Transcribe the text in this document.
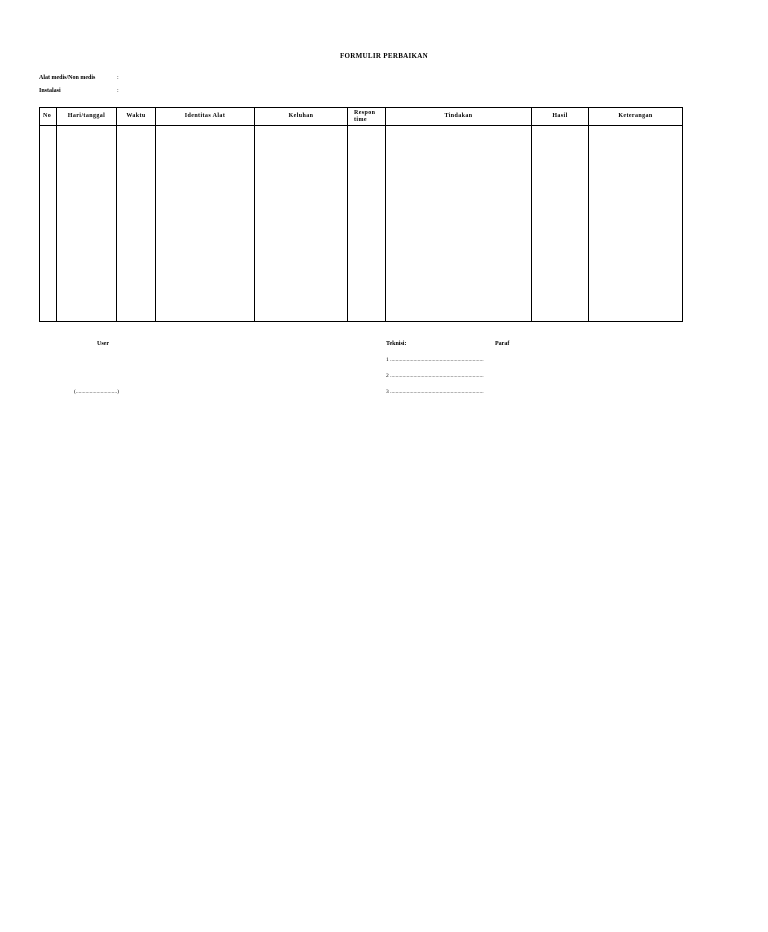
FORMULIR PERBAIKAN
Alat medis/Non medis	:
Instalasi	:
No	Hari/tanggal	Waktu	Identitas Alat	Keluhan	Respon time	Tindakan	Hasil	Keterangan

User
(..............................)
Teknisi:	Paraf
1 ....................................................................
2 ....................................................................
3 ....................................................................
